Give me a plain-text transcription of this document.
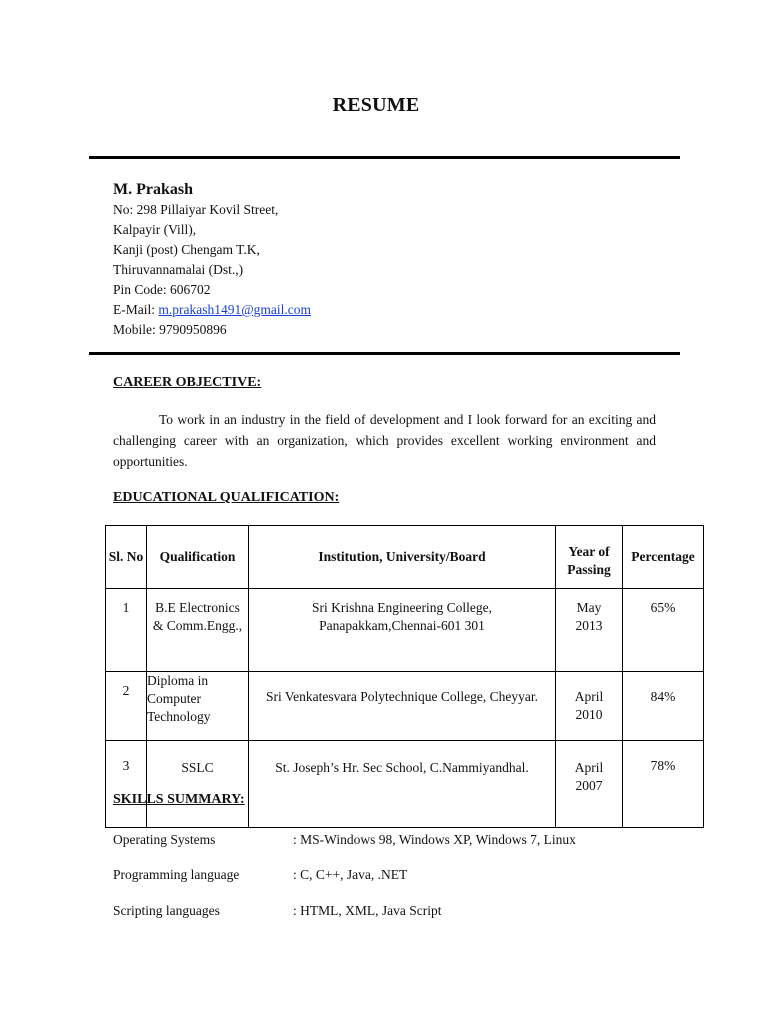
RESUME
M. Prakash
No: 298 Pillaiyar Kovil Street,
Kalpayir (Vill),
Kanji (post) Chengam T.K,
Thiruvannamalai (Dst.,)
Pin Code: 606702
E-Mail: m.prakash1491@gmail.com
Mobile: 9790950896
CAREER OBJECTIVE:
To work in an industry in the field of development and I look forward for an exciting and challenging career with an organization, which provides excellent working environment and opportunities.
EDUCATIONAL QUALIFICATION:
Sl. No	Qualification	Institution, University/Board	Year of Passing	Percentage
1	B.E Electronics & Comm.Engg.,	Sri Krishna Engineering College, Panapakkam,Chennai-601 301	May 2013	65%
2	Diploma in Computer Technology	Sri Venkatesvara Polytechnique College, Cheyyar.	April 2010	84%
3	SSLC	St. Joseph’s Hr. Sec School, C.Nammiyandhal.	April 2007	78%
SKILLS SUMMARY:
Operating Systems	: MS-Windows 98, Windows XP, Windows 7, Linux
Programming language	: C, C++, Java, .NET
Scripting languages	: HTML, XML, Java Script
